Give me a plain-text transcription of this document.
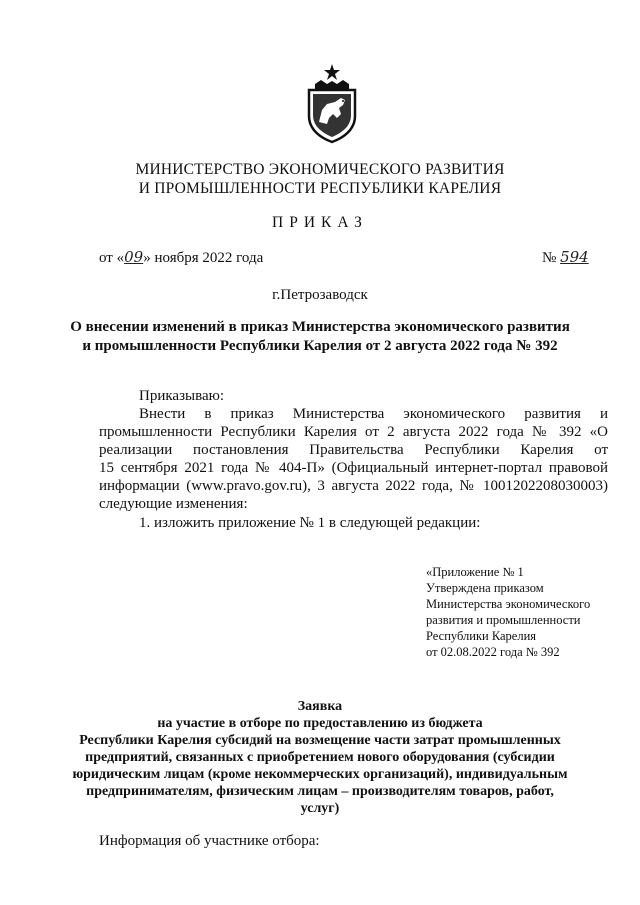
МИНИСТЕРСТВО ЭКОНОМИЧЕСКОГО РАЗВИТИЯ
И ПРОМЫШЛЕННОСТИ РЕСПУБЛИКИ КАРЕЛИЯ
ПРИКАЗ
от «09» ноября 2022 года	№ 594
г.Петрозаводск
О внесении изменений в приказ Министерства экономического развития
и промышленности Республики Карелия от 2 августа 2022 года № 392
Приказываю:
Внести в приказ Министерства экономического развития и
промышленности Республики Карелия от 2 августа 2022 года № 392 «О
реализации постановления Правительства Республики Карелия от
15 сентября 2021 года № 404-П» (Официальный интернет-портал правовой
информации (www.pravo.gov.ru), 3 августа 2022 года, № 1001202208030003)
следующие изменения:
1. изложить приложение № 1 в следующей редакции:
«Приложение № 1
Утверждена приказом
Министерства экономического
развития и промышленности
Республики Карелия
от 02.08.2022 года № 392
Заявка
на участие в отборе по предоставлению из бюджета
Республики Карелия субсидий на возмещение части затрат промышленных
предприятий, связанных с приобретением нового оборудования (субсидии
юридическим лицам (кроме некоммерческих организаций), индивидуальным
предпринимателям, физическим лицам – производителям товаров, работ,
услуг)
Информация об участнике отбора:
